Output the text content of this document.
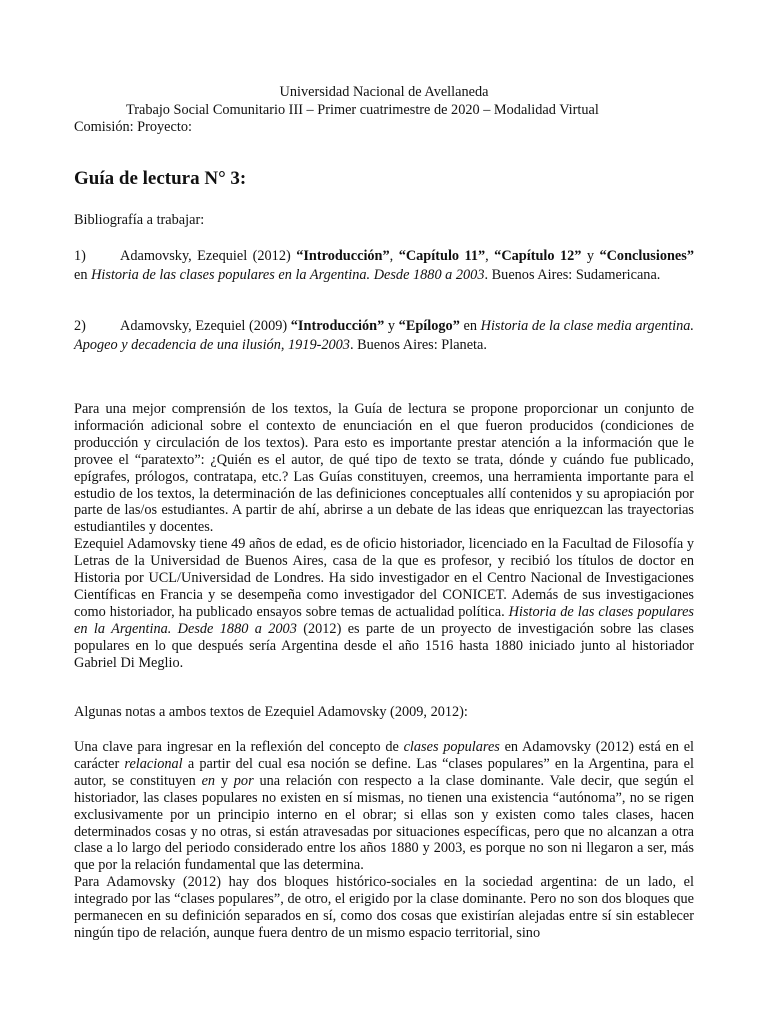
Universidad Nacional de Avellaneda
Trabajo Social Comunitario III – Primer cuatrimestre de 2020 – Modalidad Virtual
Comisión: Proyecto:
Guía de lectura N° 3:
Bibliografía a trabajar:
1) Adamovsky, Ezequiel (2012) “Introducción”, “Capítulo 11”, “Capítulo 12” y “Conclusiones” en Historia de las clases populares en la Argentina. Desde 1880 a 2003. Buenos Aires: Sudamericana.
2) Adamovsky, Ezequiel (2009) “Introducción” y “Epílogo” en Historia de la clase media argentina. Apogeo y decadencia de una ilusión, 1919-2003. Buenos Aires: Planeta.

Para una mejor comprensión de los textos, la Guía de lectura se propone proporcionar un conjunto de información adicional sobre el contexto de enunciación en el que fueron producidos (condiciones de producción y circulación de los textos). Para esto es importante prestar atención a la información que le provee el “paratexto”: ¿Quién es el autor, de qué tipo de texto se trata, dónde y cuándo fue publicado, epígrafes, prólogos, contratapa, etc.? Las Guías constituyen, creemos, una herramienta importante para el estudio de los textos, la determinación de las definiciones conceptuales allí contenidos y su apropiación por parte de las/os estudiantes. A partir de ahí, abrirse a un debate de las ideas que enriquezcan las trayectorias estudiantiles y docentes.

Ezequiel Adamovsky tiene 49 años de edad, es de oficio historiador, licenciado en la Facultad de Filosofía y Letras de la Universidad de Buenos Aires, casa de la que es profesor, y recibió los títulos de doctor en Historia por UCL/Universidad de Londres. Ha sido investigador en el Centro Nacional de Investigaciones Científicas en Francia y se desempeña como investigador del CONICET. Además de sus investigaciones como historiador, ha publicado ensayos sobre temas de actualidad política. Historia de las clases populares en la Argentina. Desde 1880 a 2003 (2012) es parte de un proyecto de investigación sobre las clases populares en lo que después sería Argentina desde el año 1516 hasta 1880 iniciado junto al historiador Gabriel Di Meglio.

Algunas notas a ambos textos de Ezequiel Adamovsky (2009, 2012):

Una clave para ingresar en la reflexión del concepto de clases populares en Adamovsky (2012) está en el carácter relacional a partir del cual esa noción se define. Las “clases populares” en la Argentina, para el autor, se constituyen en y por una relación con respecto a la clase dominante. Vale decir, que según el historiador, las clases populares no existen en sí mismas, no tienen una existencia “autónoma”, no se rigen exclusivamente por un principio interno en el obrar; si ellas son y existen como tales clases, hacen determinados cosas y no otras, si están atravesadas por situaciones específicas, pero que no alcanzan a otra clase a lo largo del periodo considerado entre los años 1880 y 2003, es porque no son ni llegaron a ser, más que por la relación fundamental que las determina.

Para Adamovsky (2012) hay dos bloques histórico-sociales en la sociedad argentina: de un lado, el integrado por las “clases populares”, de otro, el erigido por la clase dominante. Pero no son dos bloques que permanecen en su definición separados en sí, como dos cosas que existirían alejadas entre sí sin establecer ningún tipo de relación, aunque fuera dentro de un mismo espacio territorial, sino
